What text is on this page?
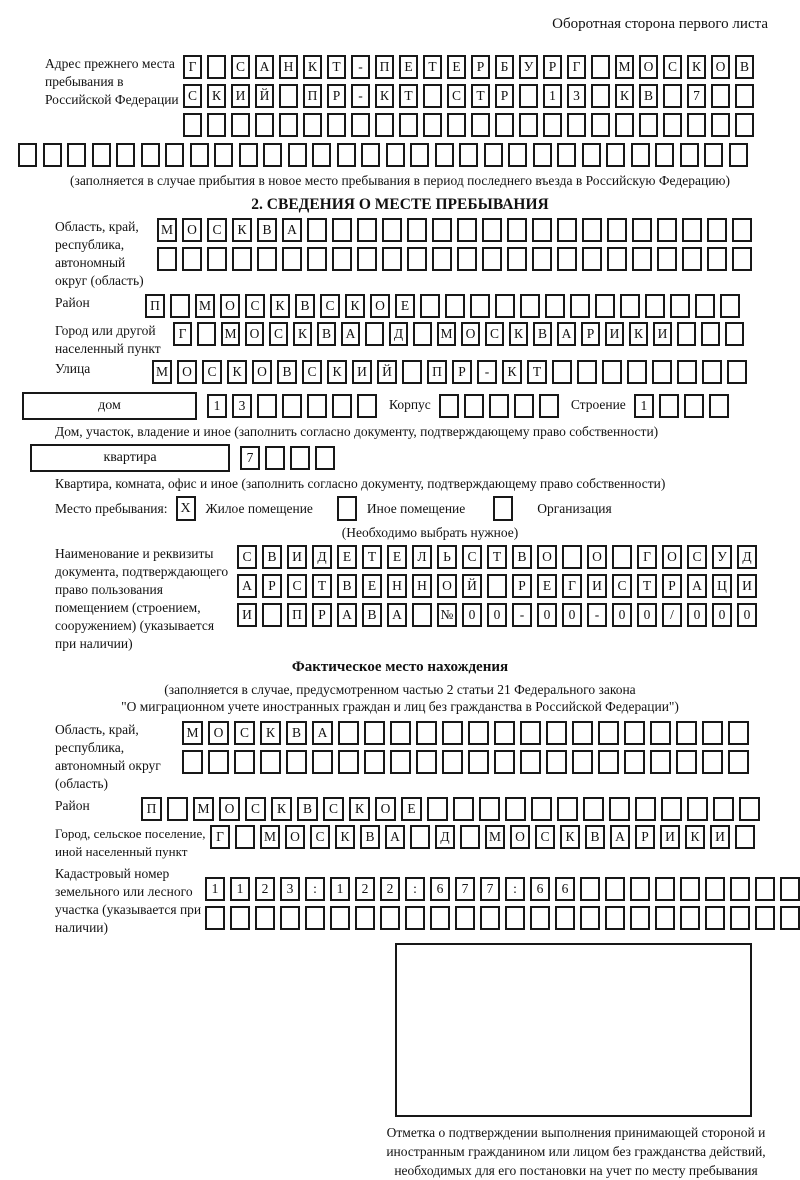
Оборотная сторона первого листа
Адрес прежнего места пребывания в Российской Федерации
Г	С	А	Н	К	Т	-	П	Е	Т	Е	Р	Б	У	Р	Г	М О	С	К	О	В
С	К	И	Й	П	Р	-	К	Т	С	Т	Р	1	3	К	В	7
(заполняется в случае прибытия в новое место пребывания в период последнего въезда в Российскую Федерацию)
2. СВЕДЕНИЯ О МЕСТЕ ПРЕБЫВАНИЯ
Область, край, республика, автономный округ (область)
М	О	С	К	В	А
Район	П	М	О	С	К	В	С	К	О	Е
Город или другой населенный пункт
Г	М О	С	К	В	А	Д	М О	С	К	В	А	Р	И	К	И
Улица	М	О	С	К	О	В	С	К	И	Й	П	Р	-	К	Т
дом	1	3	Корпус	Строение	1
Дом, участок, владение и иное (заполнить согласно документу, подтверждающему право собственности)
квартира	7
Квартира, комната, офис и иное (заполнить согласно документу, подтверждающему право собственности)
Место пребывания: X	Жилое помещение	Иное помещение	Организация
(Необходимо выбрать нужное)
Наименование и реквизиты документа, подтверждающего право пользования помещением (строением, сооружением) (указывается при наличии)
С	В	И	Д	Е	Т	Е	Л	Ь	С	Т	В	О	О	Г	О	С	У	Д
А	Р	С	Т	В	Е	Н	Н	О	Й	Р	Е	Г	И	С	Т	Р	А	Ц	И
И	П	Р	А	В	А	№	0	0	-	0	0	-	0	0	/	0	0	0
Фактическое место нахождения
(заполняется в случае, предусмотренном частью 2 статьи 21 Федерального закона
"О миграционном учете иностранных граждан и лиц без гражданства в Российской Федерации")
Область, край, республика, автономный округ (область)
М	О	С	К	В	А
Район	П	М	О	С	К	В	С	К	О	Е
Город, сельское поселение, иной населенный пункт
Г	М	О	С	К	В	А	Д	М	О	С	К	В	А	Р	И	К	И
Кадастровый номер земельного или лесного участка (указывается при наличии)
1	1	2	3	:	1	2	2	:	6	7	7	:	6	6
Отметка о подтверждении выполнения принимающей стороной и иностранным гражданином или лицом без гражданства действий, необходимых для его постановки на учет по месту пребывания
